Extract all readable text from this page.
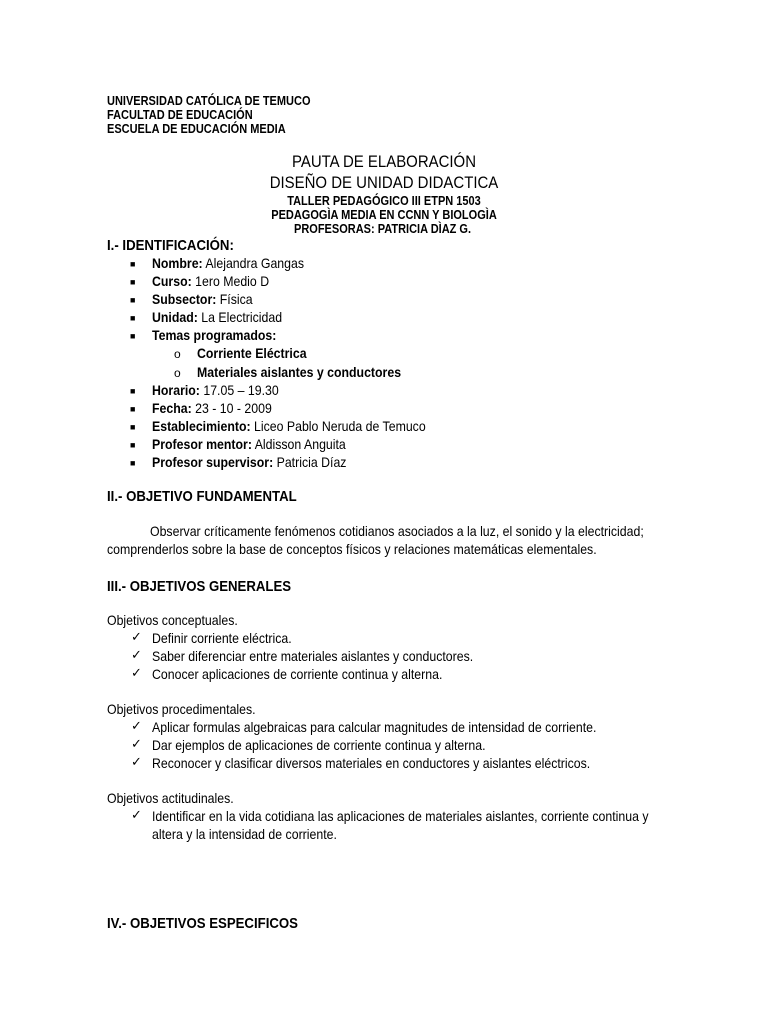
UNIVERSIDAD CATÓLICA DE TEMUCO
FACULTAD DE EDUCACIÓN
ESCUELA DE EDUCACIÓN MEDIA
PAUTA DE ELABORACIÓN
DISEÑO DE UNIDAD DIDACTICA
TALLER PEDAGÓGICO III ETPN 1503
PEDAGOGÌA MEDIA EN CCNN Y BIOLOGÌA
PROFESORAS: PATRICIA DÌAZ G.
I.- IDENTIFICACIÓN:
■ Nombre: Alejandra Gangas
■ Curso: 1ero Medio D
■ Subsector: Física
■ Unidad: La Electricidad
■ Temas programados:
o Corriente Eléctrica
o Materiales aislantes y conductores
■ Horario: 17.05 – 19.30
■ Fecha: 23 - 10 - 2009
■ Establecimiento: Liceo Pablo Neruda de Temuco
■ Profesor mentor: Aldisson Anguita
■ Profesor supervisor: Patricia Díaz
II.- OBJETIVO FUNDAMENTAL
Observar críticamente fenómenos cotidianos asociados a la luz, el sonido y la electricidad;
comprenderlos sobre la base de conceptos físicos y relaciones matemáticas elementales.
III.- OBJETIVOS GENERALES
Objetivos conceptuales.
✓ Definir corriente eléctrica.
✓ Saber diferenciar entre materiales aislantes y conductores.
✓ Conocer aplicaciones de corriente continua y alterna.
Objetivos procedimentales.
✓ Aplicar formulas algebraicas para calcular magnitudes de intensidad de corriente.
✓ Dar ejemplos de aplicaciones de corriente continua y alterna.
✓ Reconocer y clasificar diversos materiales en conductores y aislantes eléctricos.
Objetivos actitudinales.
✓ Identificar en la vida cotidiana las aplicaciones de materiales aislantes, corriente continua y
altera y la intensidad de corriente.
IV.- OBJETIVOS ESPECIFICOS
